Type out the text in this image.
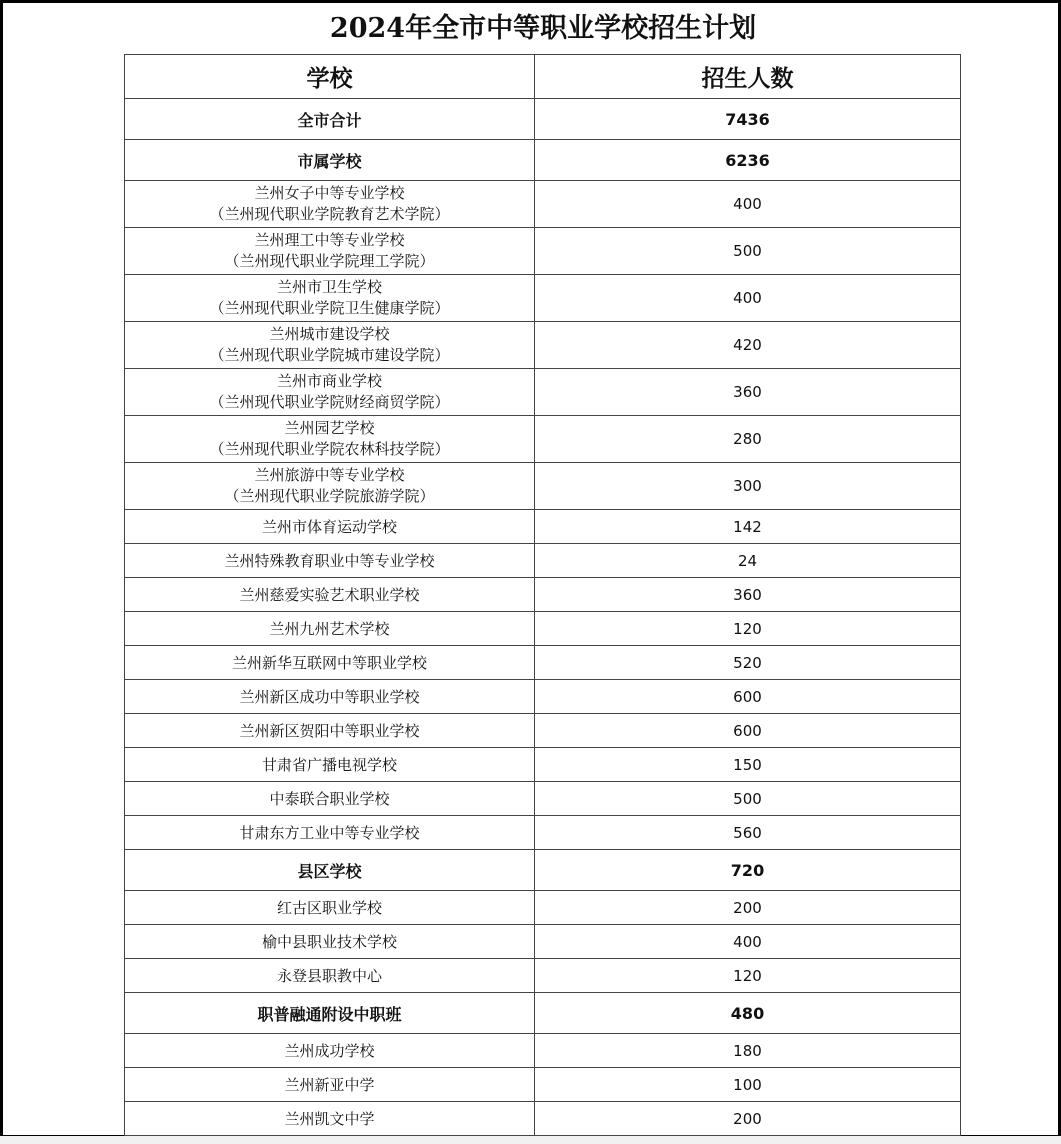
2024年全市中等职业学校招生计划
学校	招生人数

全市合计	7436

市属学校	6236

兰州女子中等专业学校
（兰州现代职业学院教育艺术学院）	400

兰州理工中等专业学校
（兰州现代职业学院理工学院）	500

兰州市卫生学校
（兰州现代职业学院卫生健康学院）	400

兰州城市建设学校
（兰州现代职业学院城市建设学院）	420

兰州市商业学校
（兰州现代职业学院财经商贸学院）	360

兰州园艺学校
（兰州现代职业学院农林科技学院）	280

兰州旅游中等专业学校
（兰州现代职业学院旅游学院）	300

兰州市体育运动学校	142

兰州特殊教育职业中等专业学校	24

兰州慈爱实验艺术职业学校	360

兰州九州艺术学校	120

兰州新华互联网中等职业学校	520

兰州新区成功中等职业学校	600

兰州新区贺阳中等职业学校	600

甘肃省广播电视学校	150

中泰联合职业学校	500

甘肃东方工业中等专业学校	560

县区学校	720

红古区职业学校	200

榆中县职业技术学校	400

永登县职教中心	120

职普融通附设中职班	480

兰州成功学校	180

兰州新亚中学	100

兰州凯文中学	200
